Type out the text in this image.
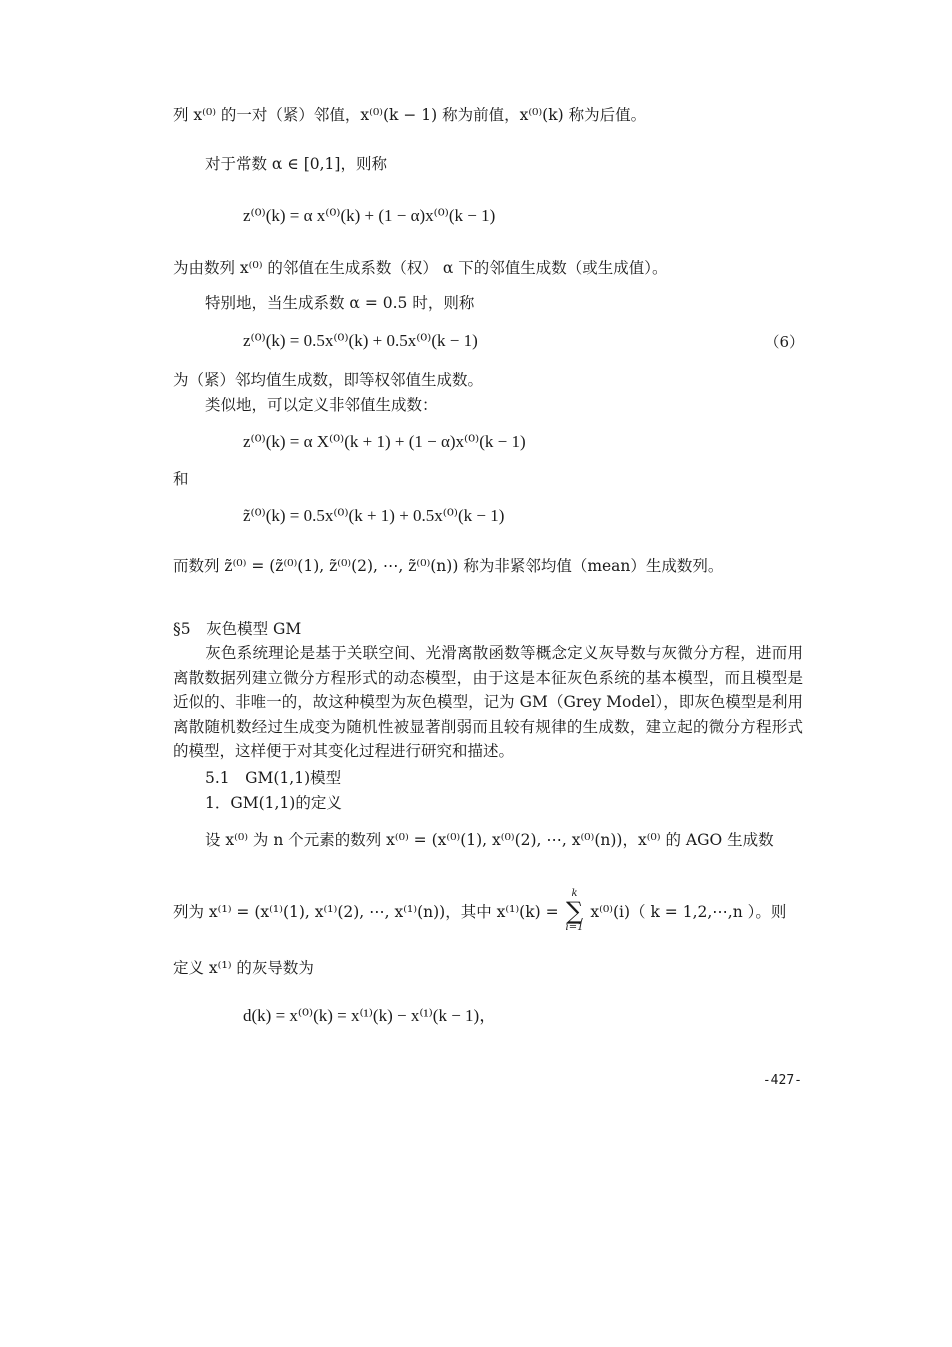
列 x⁽⁰⁾ 的一对（紧）邻值，x⁽⁰⁾(k − 1) 称为前值，x⁽⁰⁾(k) 称为后值。
对于常数 α ∈ [0,1]，则称
z⁽⁰⁾(k) = α x⁽⁰⁾(k) + (1 − α)x⁽⁰⁾(k − 1)
为由数列 x⁽⁰⁾ 的邻值在生成系数（权） α 下的邻值生成数（或生成值）。
特别地，当生成系数 α = 0.5 时，则称
z⁽⁰⁾(k) = 0.5x⁽⁰⁾(k) + 0.5x⁽⁰⁾(k − 1)	（6）
为（紧）邻均值生成数，即等权邻值生成数。
类似地，可以定义非邻值生成数：
z⁽⁰⁾(k) = α X⁽⁰⁾(k + 1) + (1 − α)x⁽⁰⁾(k − 1)
和
z̃⁽⁰⁾(k) = 0.5x⁽⁰⁾(k + 1) + 0.5x⁽⁰⁾(k − 1)
而数列 z̃⁽⁰⁾ = (z̃⁽⁰⁾(1), z̃⁽⁰⁾(2), ⋯, z̃⁽⁰⁾(n)) 称为非紧邻均值（mean）生成数列。
§5　灰色模型 GM
灰色系统理论是基于关联空间、光滑离散函数等概念定义灰导数与灰微分方程，进而用离散数据列建立微分方程形式的动态模型，由于这是本征灰色系统的基本模型，而且模型是近似的、非唯一的，故这种模型为灰色模型，记为 GM（Grey Model），即灰色模型是利用离散随机数经过生成变为随机性被显著削弱而且较有规律的生成数，建立起的微分方程形式的模型，这样便于对其变化过程进行研究和描述。
5.1　GM(1,1)模型
1．GM(1,1)的定义
设 x⁽⁰⁾ 为 n 个元素的数列 x⁽⁰⁾ = (x⁽⁰⁾(1), x⁽⁰⁾(2), ⋯, x⁽⁰⁾(n))，x⁽⁰⁾ 的 AGO 生成数
列为 x⁽¹⁾ = (x⁽¹⁾(1), x⁽¹⁾(2), ⋯, x⁽¹⁾(n))，其中 x⁽¹⁾(k) =
k
∑
i=1
x⁽⁰⁾(i)（ k = 1,2,⋯,n ）。则
定义 x⁽¹⁾ 的灰导数为
d(k) = x⁽⁰⁾(k) = x⁽¹⁾(k) − x⁽¹⁾(k − 1)，
-427-
